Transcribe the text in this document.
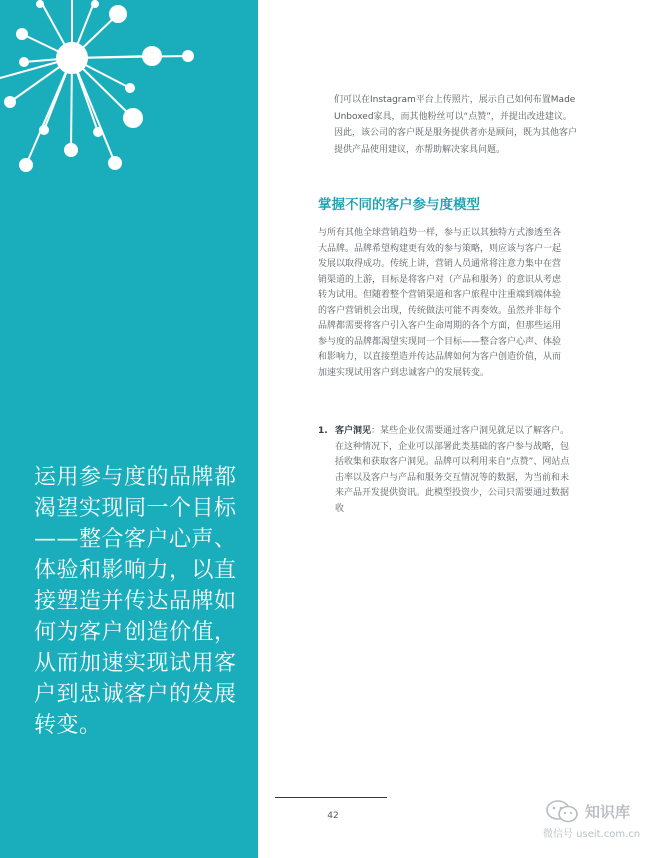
运用参与度的品牌都渴望实现同一个目标——整合客户心声、体验和影响力，以直接塑造并传达品牌如何为客户创造价值，从而加速实现试用客户到忠诚客户的发展转变。

们可以在Instagram平台上传照片，展示自己如何布置Made Unboxed家具，而其他粉丝可以“点赞”，并提出改进建议。因此，该公司的客户既是服务提供者亦是顾问，既为其他客户提供产品使用建议，亦帮助解决家具问题。

掌握不同的客户参与度模型

与所有其他全球营销趋势一样，参与正以其独特方式渗透至各大品牌。品牌希望构建更有效的参与策略，则应该与客户一起发展以取得成功。传统上讲，营销人员通常将注意力集中在营销渠道的上游，目标是将客户对（产品和服务）的意识从考虑转为试用。但随着整个营销渠道和客户旅程中注重端到端体验的客户营销机会出现，传统做法可能不再奏效。虽然并非每个品牌都需要将客户引入客户生命周期的各个方面，但那些运用参与度的品牌都渴望实现同一个目标——整合客户心声、体验和影响力，以直接塑造并传达品牌如何为客户创造价值，从而加速实现试用客户到忠诚客户的发展转变。

1. 客户洞见：某些企业仅需要通过客户洞见就足以了解客户。在这种情况下，企业可以部署此类基础的客户参与战略，包括收集和获取客户洞见。品牌可以利用来自“点赞”、网站点击率以及客户与产品和服务交互情况等的数据，为当前和未来产品开发提供资讯。此模型投资少，公司只需要通过数据收
42	知识库
微信号 useit.com.cn
